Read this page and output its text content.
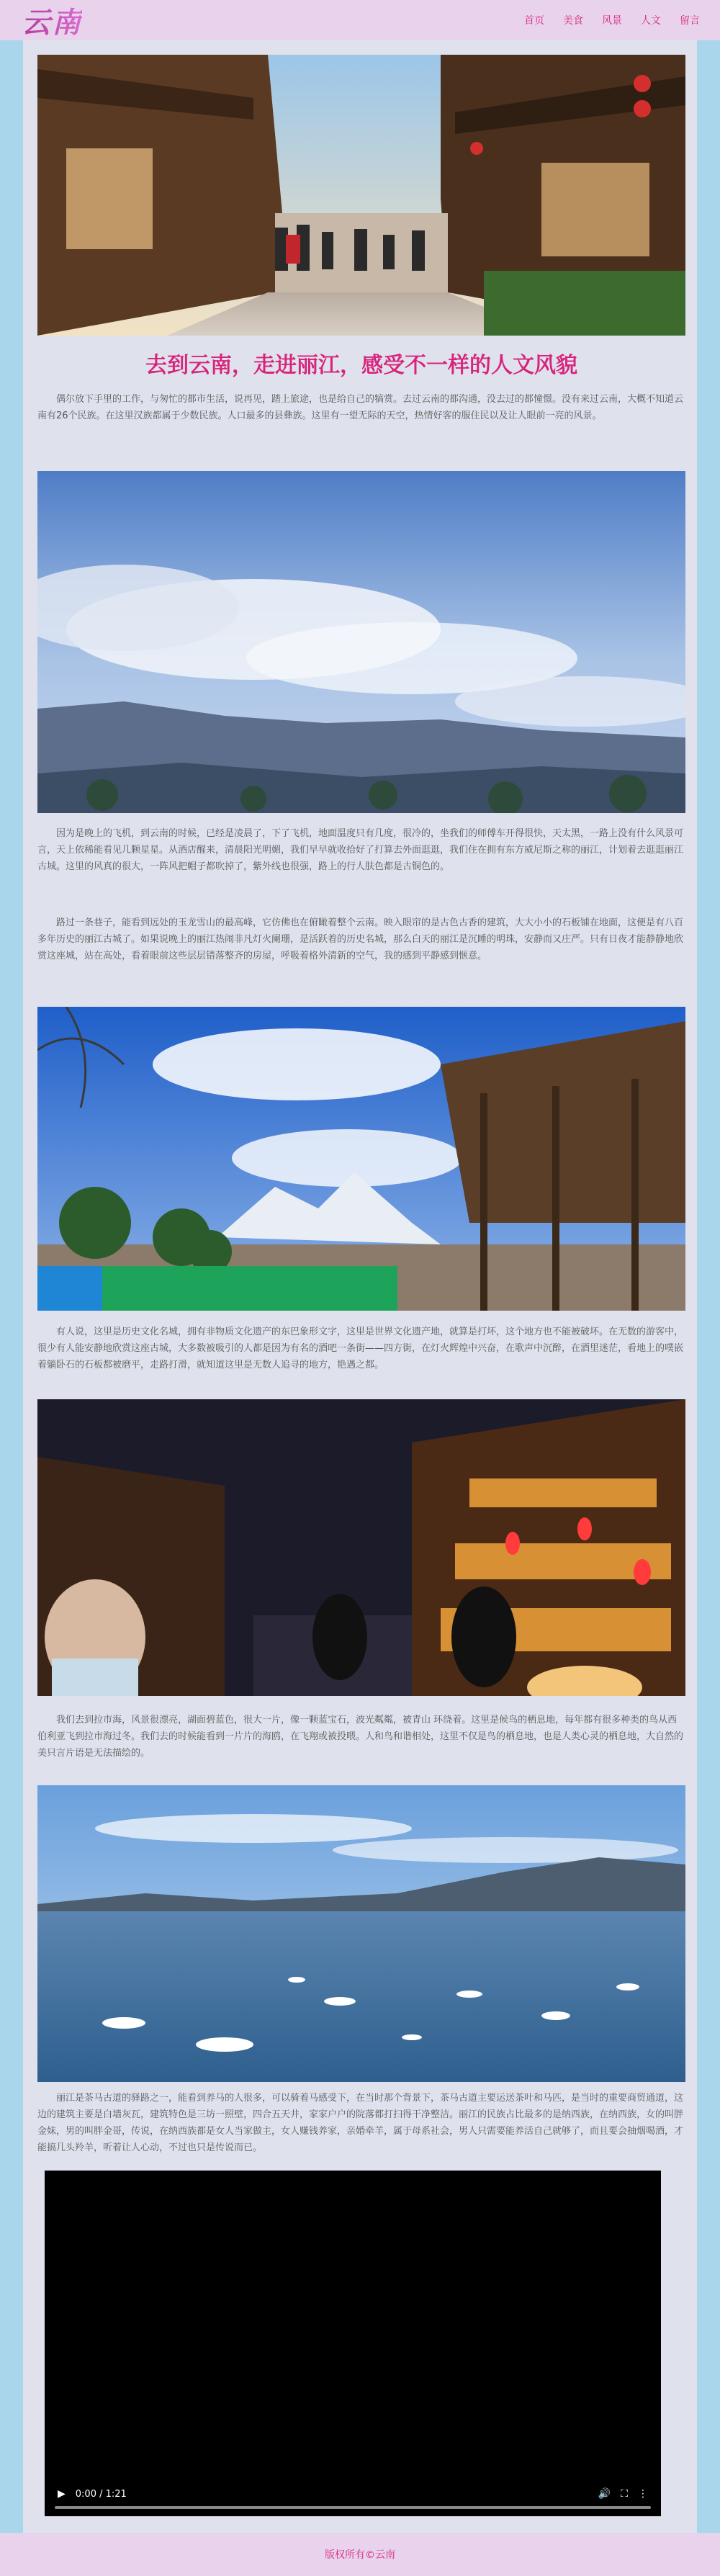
云南	首页 美食 风景 人文 留言
去到云南，走进丽江，感受不一样的人文风貌

偶尔放下手里的工作，与匆忙的都市生活，说再见，踏上旅途，也是给自己的犒赏。去过云南的都沟通，没去过的都憧憬。没有来过云南，大概不知道云南有26个民族。在这里汉族都属于少数民族。人口最多的县彝族。这里有一望无际的天空，热情好客的服住民以及让人眼前一亮的风景。

因为是晚上的飞机，到云南的时候，已经是凌晨了，下了飞机，地面温度只有几度，很冷的，坐我们的师傅车开得很快，天太黑，一路上没有什么风景可言，天上依稀能看见几颗星星。从酒店醒来，清晨阳光明媚，我们早早就收拾好了打算去外面逛逛，我们住在拥有东方威尼斯之称的丽江，计划着去逛逛丽江古城。这里的风真的很大，一阵风把帽子都吹掉了，紫外线也很强，路上的行人肤色都是古铜色的。

路过一条巷子，能看到远处的玉龙雪山的最高峰，它仿佛也在俯瞰着整个云南。映入眼帘的是古色古香的建筑，大大小小的石板铺在地面，这便是有八百多年历史的丽江古城了。如果说晚上的丽江热闹非凡灯火阑珊，是活跃着的历史名城，那么白天的丽江是沉睡的明珠，安静而又庄严。只有日夜才能静静地欣赏这座城，站在高处，看着眼前这些层层错落整齐的房屋，呼吸着格外清新的空气，我的感到平静感到惬意。

有人说，这里是历史文化名城，拥有非物质文化遗产的东巴象形文字，这里是世界文化遗产地，就算是打坏，这个地方也不能被破坏。在无数的游客中，很少有人能安静地欣赏这座古城，大多数被吸引的人都是因为有名的酒吧一条街——四方街，在灯火辉煌中兴奋，在歌声中沉醉，在酒里迷茫，看地上的噗嵌着躺卧石的石板都被磨平，走路打滑，就知道这里是无数人追寻的地方，艳遇之都。

我们去到拉市海，风景很漂亮，湖面碧蓝色，很大一片，像一颗蓝宝石，波光粼粼，被青山 环绕着。这里是候鸟的栖息地，每年都有很多种类的鸟从西伯利亚飞到拉市海过冬。我们去的时候能看到一片片的海鸥，在飞翔或被投喂。人和鸟和谐相处，这里不仅是鸟的栖息地，也是人类心灵的栖息地，大自然的美只言片语是无法描绘的。

丽江是茶马古道的驿路之一，能看到养马的人很多，可以骑着马感受下，在当时那个背景下，茶马古道主要运送茶叶和马匹，是当时的重要商贸通道，这边的建筑主要是白墙灰瓦，建筑特色是三坊一照壁，四合五天井，家家户户的院落都打扫得干净整洁。丽江的民族占比最多的是纳西族，在纳西族，女的叫胖金妹，男的叫胖金哥，传说，在纳西族都是女人当家做主，女人赚钱养家，亲婚牵羊，属于母系社会，男人只需要能养活自己就够了，而且要会抽烟喝酒，才能搞几头羚羊，听着让人心动，不过也只是传说而已。

▶ 0:00 / 1:21	🔊 ⛶ ⋮
版权所有©云南
